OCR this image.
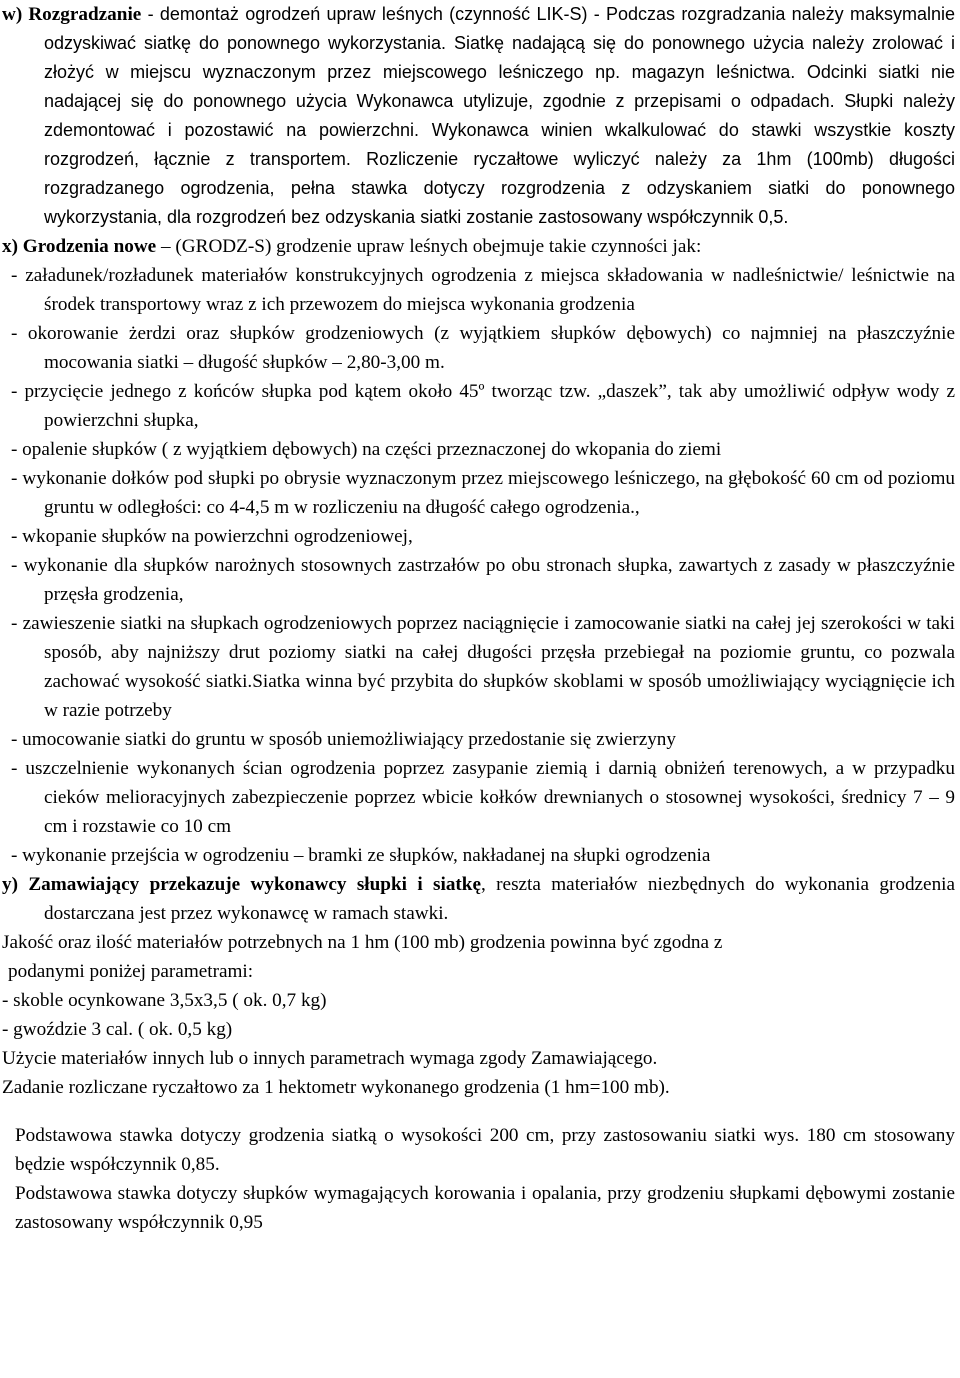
w) Rozgradzanie - demontaż ogrodzeń upraw leśnych (czynność LIK-S) - Podczas rozgradzania należy maksymalnie odzyskiwać siatkę do ponownego wykorzystania. Siatkę nadającą się do ponownego użycia należy zrolować i złożyć w miejscu wyznaczonym przez miejscowego leśniczego np. magazyn leśnictwa. Odcinki siatki nie nadającej się do ponownego użycia Wykonawca utylizuje, zgodnie z przepisami o odpadach. Słupki należy zdemontować i pozostawić na powierzchni. Wykonawca winien wkalkulować do stawki wszystkie koszty rozgrodzeń, łącznie z transportem. Rozliczenie ryczałtowe wyliczyć należy za 1hm (100mb) długości rozgradzanego ogrodzenia, pełna stawka dotyczy rozgrodzenia z odzyskaniem siatki do ponownego wykorzystania, dla rozgrodzeń bez odzyskania siatki zostanie zastosowany współczynnik 0,5.

x) Grodzenia nowe – (GRODZ-S) grodzenie upraw leśnych obejmuje takie czynności jak:

- załadunek/rozładunek materiałów konstrukcyjnych ogrodzenia z miejsca składowania w nadleśnictwie/ leśnictwie na środek transportowy wraz z ich przewozem do miejsca wykonania grodzenia

- okorowanie żerdzi oraz słupków grodzeniowych (z wyjątkiem słupków dębowych) co najmniej na płaszczyźnie mocowania siatki – długość słupków – 2,80-3,00 m.

- przycięcie jednego z końców słupka pod kątem około 45º tworząc tzw. „daszek”, tak aby umożliwić odpływ wody z powierzchni słupka,

- opalenie słupków ( z wyjątkiem dębowych) na części przeznaczonej do wkopania do ziemi

- wykonanie dołków pod słupki po obrysie wyznaczonym przez miejscowego leśniczego, na głębokość 60 cm od poziomu gruntu w odległości: co 4-4,5 m w rozliczeniu na długość całego ogrodzenia.,

- wkopanie słupków na powierzchni ogrodzeniowej,

- wykonanie dla słupków narożnych stosownych zastrzałów po obu stronach słupka, zawartych z zasady w płaszczyźnie przęsła grodzenia,

- zawieszenie siatki na słupkach ogrodzeniowych poprzez naciągnięcie i zamocowanie siatki na całej jej szerokości w taki sposób, aby najniższy drut poziomy siatki na całej długości przęsła przebiegał na poziomie gruntu, co pozwala zachować wysokość siatki.Siatka winna być przybita do słupków skoblami w sposób umożliwiający wyciągnięcie ich w razie potrzeby

- umocowanie siatki do gruntu w sposób uniemożliwiający przedostanie się zwierzyny

- uszczelnienie wykonanych ścian ogrodzenia poprzez zasypanie ziemią i darnią obniżeń terenowych, a w przypadku cieków melioracyjnych zabezpieczenie poprzez wbicie kołków drewnianych o stosownej wysokości, średnicy 7 – 9 cm i rozstawie co 10 cm

- wykonanie przejścia w ogrodzeniu – bramki ze słupków, nakładanej na słupki ogrodzenia

y) Zamawiający przekazuje wykonawcy słupki i siatkę, reszta materiałów niezbędnych do wykonania grodzenia dostarczana jest przez wykonawcę w ramach stawki.

Jakość oraz ilość materiałów potrzebnych na 1 hm (100 mb) grodzenia powinna być zgodna z

podanymi poniżej parametrami:

- skoble ocynkowane 3,5x3,5 ( ok. 0,7 kg)

- gwoździe 3 cal. ( ok. 0,5 kg)

Użycie materiałów innych lub o innych parametrach wymaga zgody Zamawiającego.

Zadanie rozliczane ryczałtowo za 1 hektometr wykonanego grodzenia (1 hm=100 mb).

Podstawowa stawka dotyczy grodzenia siatką o wysokości 200 cm, przy zastosowaniu siatki wys. 180 cm stosowany będzie współczynnik 0,85.

Podstawowa stawka dotyczy słupków wymagających korowania i opalania, przy grodzeniu słupkami dębowymi zostanie zastosowany współczynnik 0,95
